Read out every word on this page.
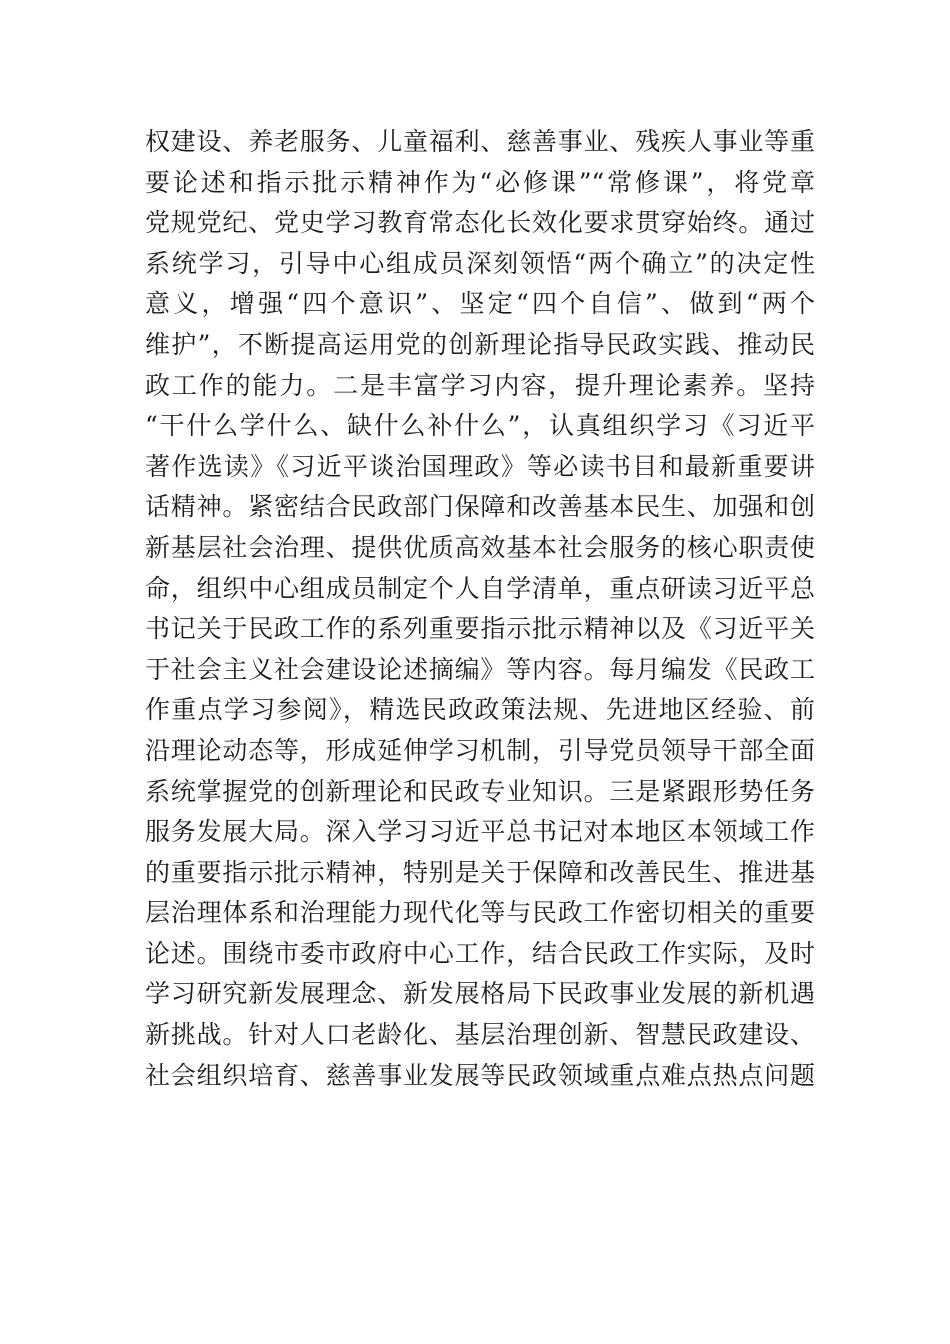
权建设、养老服务、儿童福利、慈善事业、残疾人事业等重
要论述和指示批示精神作为“必修课”“常修课”，将党章
党规党纪、党史学习教育常态化长效化要求贯穿始终。通过
系统学习，引导中心组成员深刻领悟“两个确立”的决定性
意义，增强“四个意识”、坚定“四个自信”、做到“两个
维护”，不断提高运用党的创新理论指导民政实践、推动民
政工作的能力。二是丰富学习内容，提升理论素养。坚持
“干什么学什么、缺什么补什么”，认真组织学习《习近平
著作选读》《习近平谈治国理政》等必读书目和最新重要讲
话精神。紧密结合民政部门保障和改善基本民生、加强和创
新基层社会治理、提供优质高效基本社会服务的核心职责使
命，组织中心组成员制定个人自学清单，重点研读习近平总
书记关于民政工作的系列重要指示批示精神以及《习近平关
于社会主义社会建设论述摘编》等内容。每月编发《民政工
作重点学习参阅》，精选民政政策法规、先进地区经验、前
沿理论动态等，形成延伸学习机制，引导党员领导干部全面
系统掌握党的创新理论和民政专业知识。三是紧跟形势任务
服务发展大局。深入学习习近平总书记对本地区本领域工作
的重要指示批示精神，特别是关于保障和改善民生、推进基
层治理体系和治理能力现代化等与民政工作密切相关的重要
论述。围绕市委市政府中心工作，结合民政工作实际，及时
学习研究新发展理念、新发展格局下民政事业发展的新机遇
新挑战。针对人口老龄化、基层治理创新、智慧民政建设、
社会组织培育、慈善事业发展等民政领域重点难点热点问题
